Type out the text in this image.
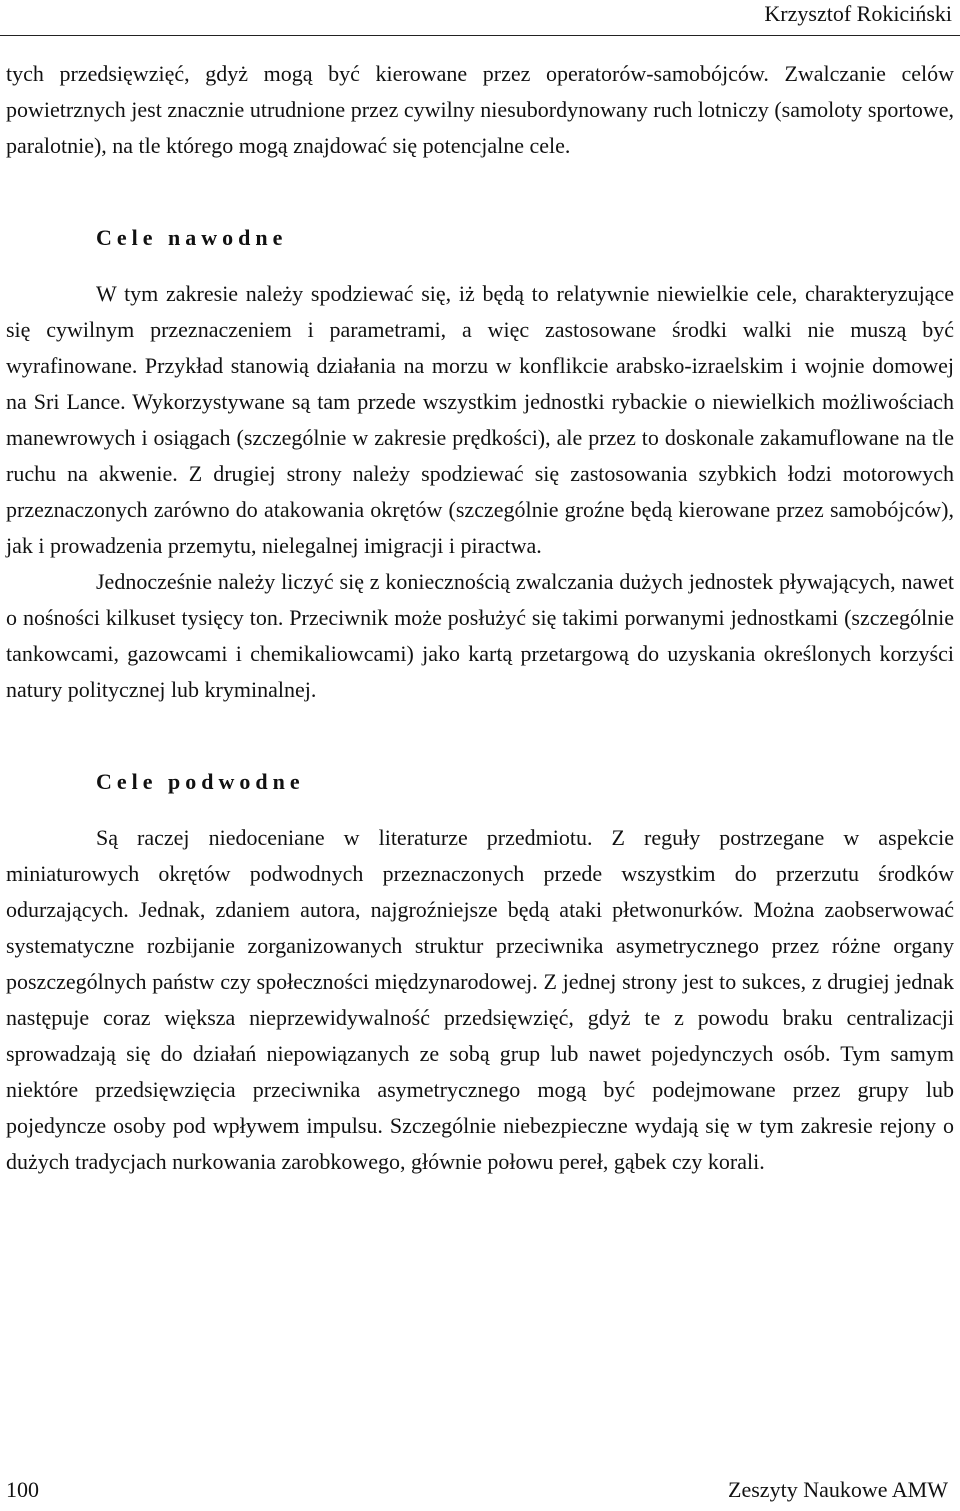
Krzysztof Rokiciński

tych przedsięwzięć, gdyż mogą być kierowane przez operatorów-samobójców. Zwalczanie celów powietrznych jest znacznie utrudnione przez cywilny niesubordynowany ruch lotniczy (samoloty sportowe, paralotnie), na tle którego mogą znajdować się potencjalne cele.

Cele nawodne

W tym zakresie należy spodziewać się, iż będą to relatywnie niewielkie cele, charakteryzujące się cywilnym przeznaczeniem i parametrami, a więc zastosowane środki walki nie muszą być wyrafinowane. Przykład stanowią działania na morzu w konflikcie arabsko-izraelskim i wojnie domowej na Sri Lance. Wykorzystywane są tam przede wszystkim jednostki rybackie o niewielkich możliwościach manewrowych i osiągach (szczególnie w zakresie prędkości), ale przez to doskonale zakamuflowane na tle ruchu na akwenie. Z drugiej strony należy spodziewać się zastosowania szybkich łodzi motorowych przeznaczonych zarówno do atakowania okrętów (szczególnie groźne będą kierowane przez samobójców), jak i prowadzenia przemytu, nielegalnej imigracji i piractwa.

Jednocześnie należy liczyć się z koniecznością zwalczania dużych jednostek pływających, nawet o nośności kilkuset tysięcy ton. Przeciwnik może posłużyć się takimi porwanymi jednostkami (szczególnie tankowcami, gazowcami i chemikaliowcami) jako kartą przetargową do uzyskania określonych korzyści natury politycznej lub kryminalnej.

Cele podwodne

Są raczej niedoceniane w literaturze przedmiotu. Z reguły postrzegane w aspekcie miniaturowych okrętów podwodnych przeznaczonych przede wszystkim do przerzutu środków odurzających. Jednak, zdaniem autora, najgroźniejsze będą ataki płetwonurków. Można zaobserwować systematyczne rozbijanie zorganizowanych struktur przeciwnika asymetrycznego przez różne organy poszczególnych państw czy społeczności międzynarodowej. Z jednej strony jest to sukces, z drugiej jednak następuje coraz większa nieprzewidywalność przedsięwzięć, gdyż te z powodu braku centralizacji sprowadzają się do działań niepowiązanych ze sobą grup lub nawet pojedynczych osób. Tym samym niektóre przedsięwzięcia przeciwnika asymetrycznego mogą być podejmowane przez grupy lub pojedyncze osoby pod wpływem impulsu. Szczególnie niebezpieczne wydają się w tym zakresie rejony o dużych tradycjach nurkowania zarobkowego, głównie połowu pereł, gąbek czy korali.

100	Zeszyty Naukowe AMW
